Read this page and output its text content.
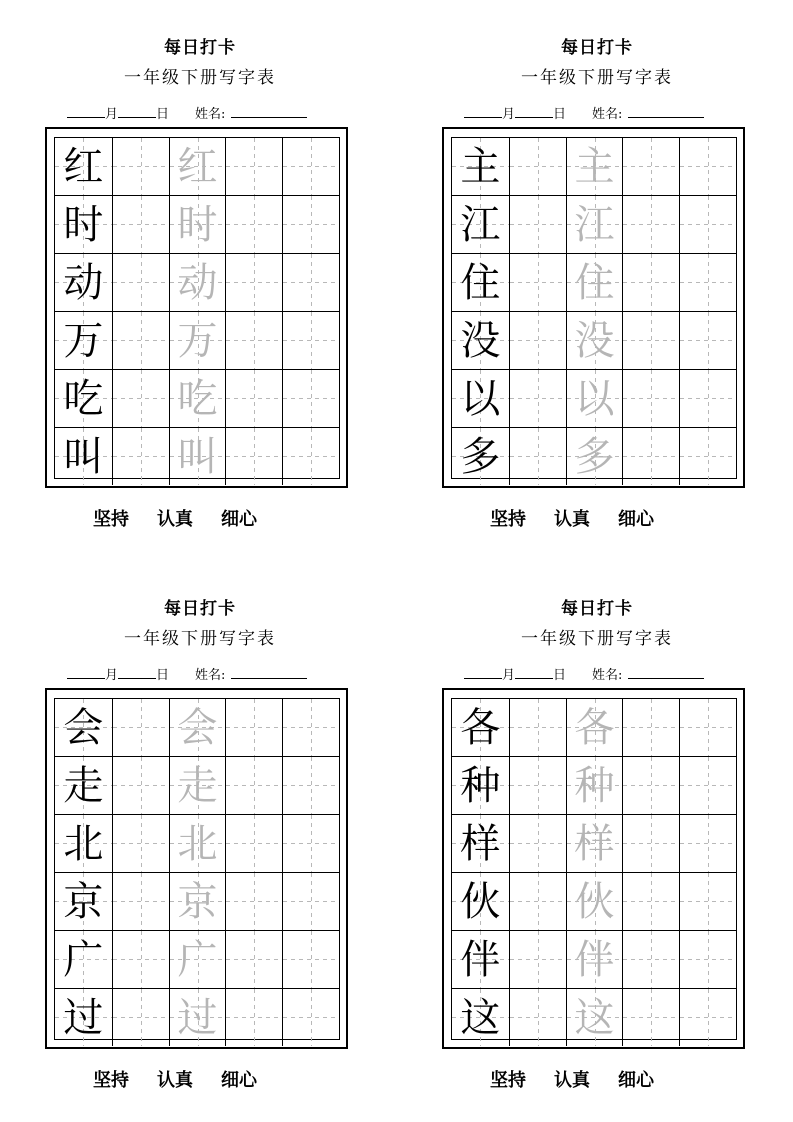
每日打卡
一年级下册写字表
月	日 姓名:
红 红
时 时
动 动
万 万
吃 吃
叫 叫
坚持 认真 细心
每日打卡
一年级下册写字表
月	日 姓名:
主 主
江 江
住 住
没 没
以 以
多 多
坚持 认真 细心
每日打卡
一年级下册写字表
月	日 姓名:
会 会
走 走
北 北
京 京
广 广
过 过
坚持 认真 细心
每日打卡
一年级下册写字表
月	日 姓名:
各 各
种 种
样 样
伙 伙
伴 伴
这 这
坚持 认真 细心
